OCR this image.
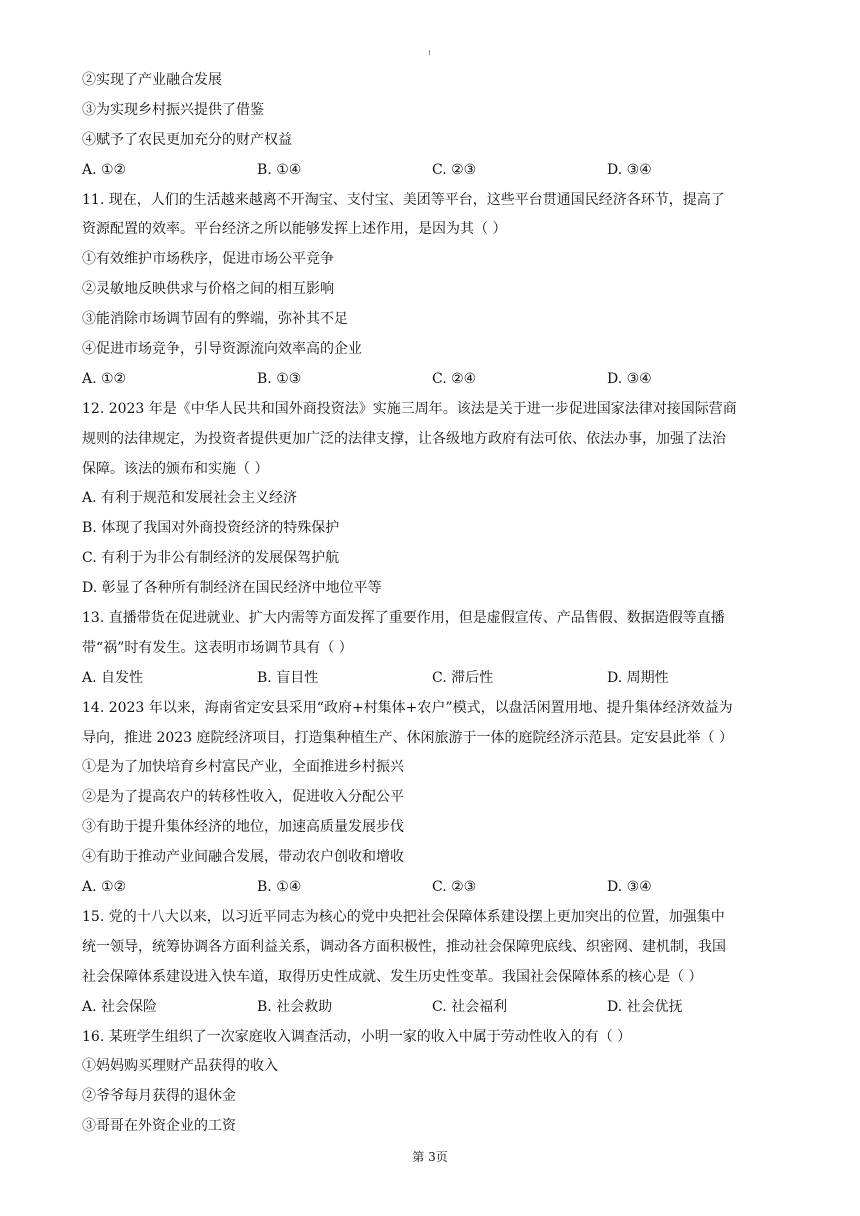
②实现了产业融合发展
③为实现乡村振兴提供了借鉴
④赋予了农民更加充分的财产权益
A. ①②	B. ①④	C. ②③	D. ③④
11. 现在，人们的生活越来越离不开淘宝、支付宝、美团等平台，这些平台贯通国民经济各环节，提高了
资源配置的效率。平台经济之所以能够发挥上述作用，是因为其（ ）
①有效维护市场秩序，促进市场公平竞争
②灵敏地反映供求与价格之间的相互影响
③能消除市场调节固有的弊端，弥补其不足
④促进市场竞争，引导资源流向效率高的企业
A. ①②	B. ①③	C. ②④	D. ③④
12. 2023 年是《中华人民共和国外商投资法》实施三周年。该法是关于进一步促进国家法律对接国际营商
规则的法律规定，为投资者提供更加广泛的法律支撑，让各级地方政府有法可依、依法办事，加强了法治
保障。该法的颁布和实施（ ）
A. 有利于规范和发展社会主义经济
B. 体现了我国对外商投资经济的特殊保护
C. 有利于为非公有制经济的发展保驾护航
D. 彰显了各种所有制经济在国民经济中地位平等
13. 直播带货在促进就业、扩大内需等方面发挥了重要作用，但是虚假宣传、产品售假、数据造假等直播
带“祸”时有发生。这表明市场调节具有（ ）
A. 自发性	B. 盲目性	C. 滞后性	D. 周期性
14. 2023 年以来，海南省定安县采用“政府+村集体+农户”模式，以盘活闲置用地、提升集体经济效益为
导向，推进 2023 庭院经济项目，打造集种植生产、休闲旅游于一体的庭院经济示范县。定安县此举（ ）
①是为了加快培育乡村富民产业，全面推进乡村振兴
②是为了提高农户的转移性收入，促进收入分配公平
③有助于提升集体经济的地位，加速高质量发展步伐
④有助于推动产业间融合发展，带动农户创收和增收
A. ①②	B. ①④	C. ②③	D. ③④
15. 党的十八大以来，以习近平同志为核心的党中央把社会保障体系建设摆上更加突出的位置，加强集中
统一领导，统筹协调各方面利益关系，调动各方面积极性，推动社会保障兜底线、织密网、建机制，我国
社会保障体系建设进入快车道，取得历史性成就、发生历史性变革。我国社会保障体系的核心是（ ）
A. 社会保险	B. 社会救助	C. 社会福利	D. 社会优抚
16. 某班学生组织了一次家庭收入调查活动，小明一家的收入中属于劳动性收入的有（ ）
①妈妈购买理财产品获得的收入
②爷爷每月获得的退休金
③哥哥在外资企业的工资
第 3页
